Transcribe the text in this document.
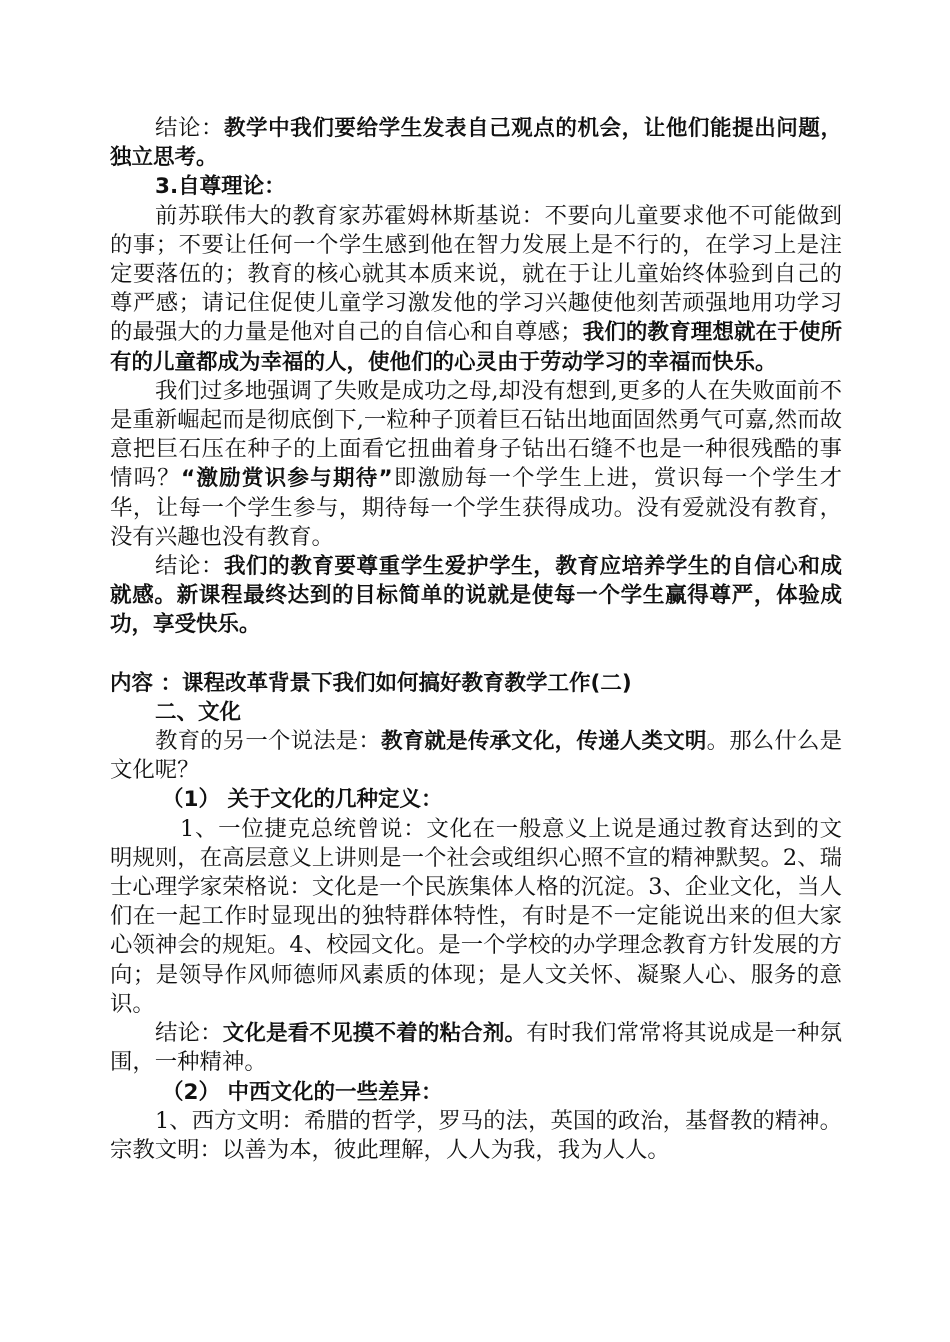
结论：教学中我们要给学生发表自己观点的机会，让他们能提出问题，独立思考。

3.自尊理论：

前苏联伟大的教育家苏霍姆林斯基说：不要向儿童要求他不可能做到的事；不要让任何一个学生感到他在智力发展上是不行的，在学习上是注定要落伍的；教育的核心就其本质来说，就在于让儿童始终体验到自己的尊严感；请记住促使儿童学习激发他的学习兴趣使他刻苦顽强地用功学习的最强大的力量是他对自己的自信心和自尊感；我们的教育理想就在于使所有的儿童都成为幸福的人，使他们的心灵由于劳动学习的幸福而快乐。

我们过多地强调了失败是成功之母,却没有想到,更多的人在失败面前不是重新崛起而是彻底倒下,一粒种子顶着巨石钻出地面固然勇气可嘉,然而故意把巨石压在种子的上面看它扭曲着身子钻出石缝不也是一种很残酷的事情吗？“激励赏识参与期待”即激励每一个学生上进，赏识每一个学生才华，让每一个学生参与，期待每一个学生获得成功。没有爱就没有教育，没有兴趣也没有教育。

结论：我们的教育要尊重学生爱护学生，教育应培养学生的自信心和成就感。新课程最终达到的目标简单的说就是使每一个学生赢得尊严，体验成功，享受快乐。

内容 ：课程改革背景下我们如何搞好教育教学工作(二)

二、文化

教育的另一个说法是：教育就是传承文化，传递人类文明。那么什么是文化呢？

（1） 关于文化的几种定义：

1、一位捷克总统曾说：文化在一般意义上说是通过教育达到的文明规则，在高层意义上讲则是一个社会或组织心照不宣的精神默契。2、瑞士心理学家荣格说：文化是一个民族集体人格的沉淀。3、企业文化，当人们在一起工作时显现出的独特群体特性，有时是不一定能说出来的但大家心领神会的规矩。4、校园文化。是一个学校的办学理念教育方针发展的方向；是领导作风师德师风素质的体现；是人文关怀、凝聚人心、服务的意识。

结论：文化是看不见摸不着的粘合剂。有时我们常常将其说成是一种氛围，一种精神。

（2） 中西文化的一些差异：

1、西方文明：希腊的哲学，罗马的法，英国的政治，基督教的精神。宗教文明：以善为本，彼此理解，人人为我，我为人人。
